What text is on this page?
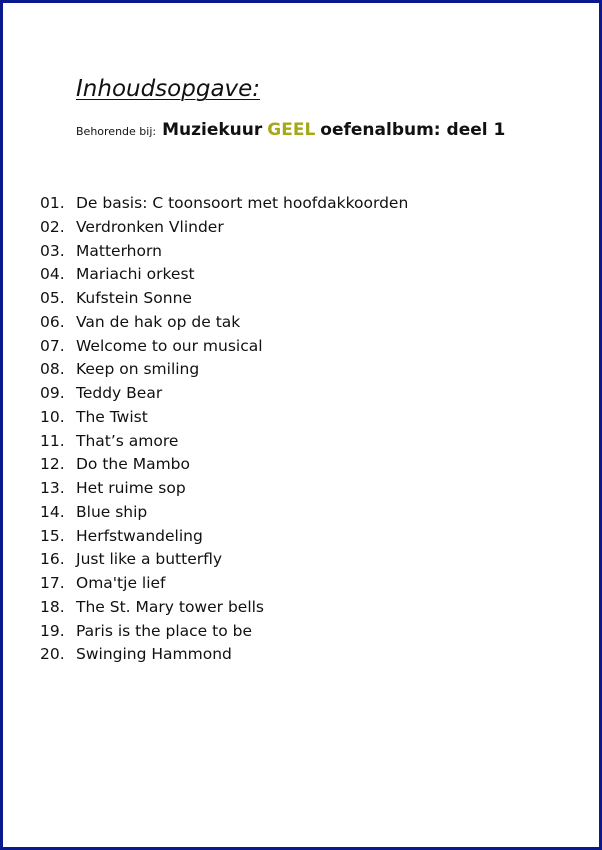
Inhoudsopgave:
Behorende bij: Muziekuur GEEL oefenalbum: deel 1
01. De basis: C toonsoort met hoofdakkoorden
02. Verdronken Vlinder
03. Matterhorn
04. Mariachi orkest
05. Kufstein Sonne
06. Van de hak op de tak
07. Welcome to our musical
08. Keep on smiling
09. Teddy Bear
10. The Twist
11. That’s amore
12. Do the Mambo
13. Het ruime sop
14. Blue ship
15. Herfstwandeling
16. Just like a butterfly
17. Oma'tje lief
18. The St. Mary tower bells
19. Paris is the place to be
20. Swinging Hammond
